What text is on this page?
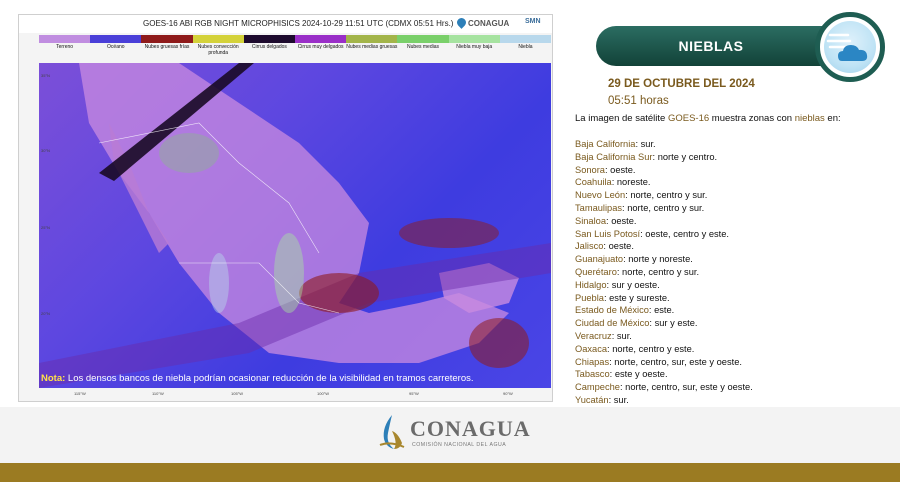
GOES-16 ABI RGB NIGHT MICROPHISICS 2024-10-29 11:51 UTC (CDMX 05:51 Hrs.)	CONAGUA SMN
Terreno	Océano	Nubes gruesas frías	Nubes convección profunda
Cirrus delgados	Cirrus muy delgados Nubes medias gruesas	Nubes medias	Niebla muy baja	Niebla
35°N
30°N
25°N
20°N
Nota: Los densos bancos de niebla podrían ocasionar reducción de la visibilidad en tramos carreteros.
115°W	110°W	105°W	100°W	95°W	90°W
NIEBLAS
29 DE OCTUBRE DEL 2024
05:51 horas
La imagen de satélite GOES-16 muestra zonas con nieblas en:
Baja California: sur.
Baja California Sur: norte y centro.
Sonora: oeste.
Coahuila: noreste.
Nuevo León: norte, centro y sur.
Tamaulipas: norte, centro y sur.
Sinaloa: oeste.
San Luis Potosí: oeste, centro y este.
Jalisco: oeste.
Guanajuato: norte y noreste.
Querétaro: norte, centro y sur.
Hidalgo: sur y oeste.
Puebla: este y sureste.
Estado de México: este.
Ciudad de México: sur y este.
Veracruz: sur.
Oaxaca: norte, centro y este.
Chiapas: norte, centro, sur, este y oeste.
Tabasco: este y oeste.
Campeche: norte, centro, sur, este y oeste.
Yucatán: sur.
CONAGUA
COMISIÓN NACIONAL DEL AGUA
